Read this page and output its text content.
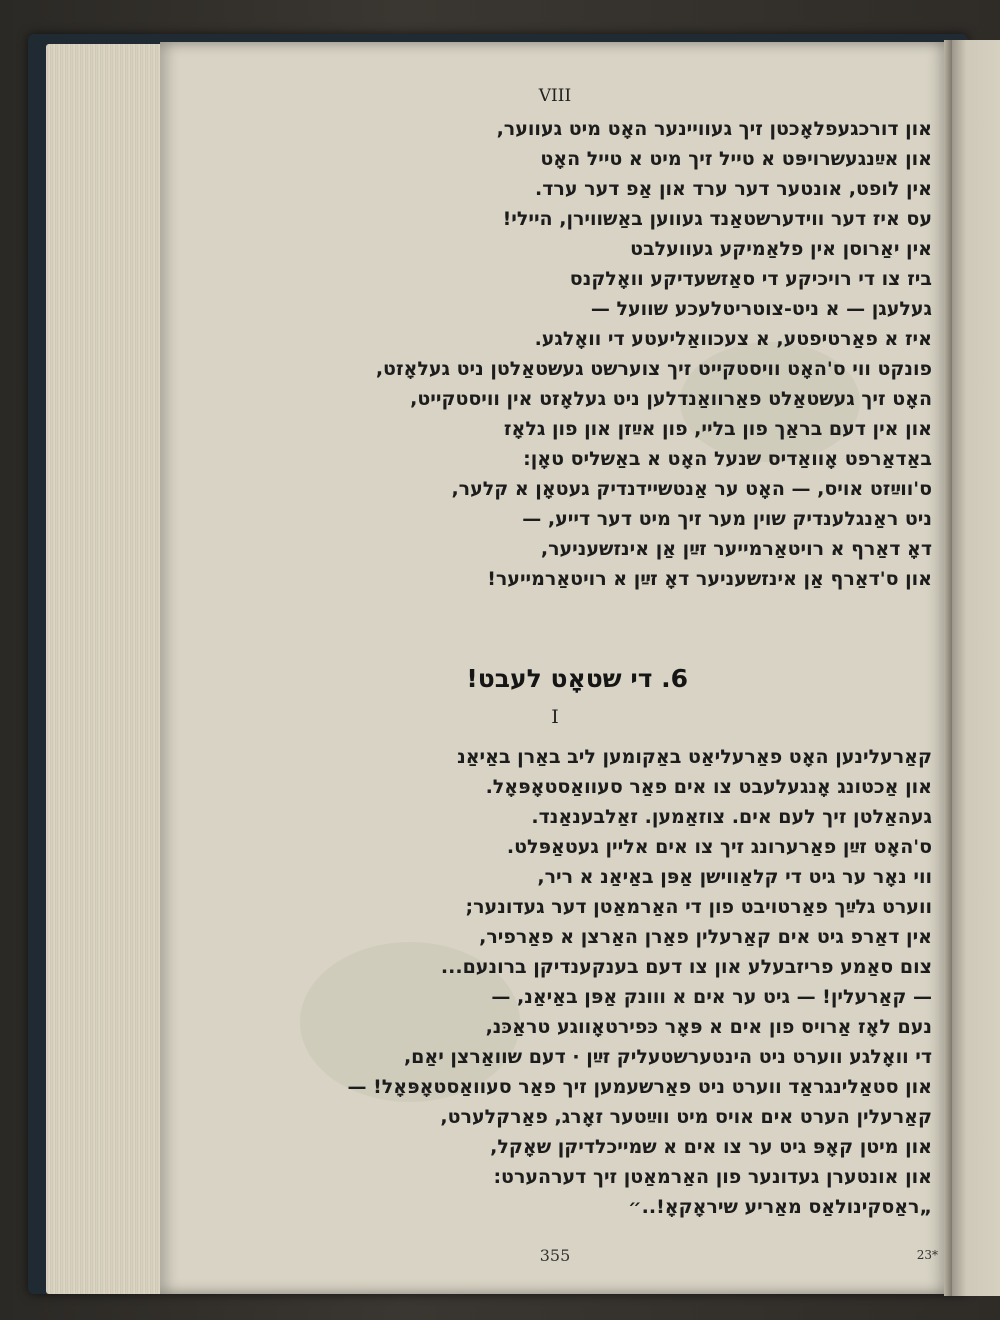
VIII
און דורכגעפלאָכטן זיך געוויינער האָט מיט געווער,
און אײַנגעשרויפּט א טייל זיך מיט א טייל האָט
אין לופט, אונטער דער ערד און אַפ דער ערד.
עס איז דער ווידערשטאַנד געווען באַשווירן, היילי!
אין יאַרוסן אין פלאַמיקע געוועלבט
ביז צו די רויכיקע די סאַזשעדיקע וואָלקנס
געלעגן — א ניט-צוטריטלעכע שוועל —
איז א פאַרטיפטע, א צעכוואַליעטע די וואָלגע.
פונקט ווי ס'האָט וויסטקייט זיך צוערשט געשטאַלטן ניט געלאָזט,
האָט זיך געשטאַלט פאַרוואַנדלען ניט געלאָזט אין וויסטקייט,
און אין דעם בראַך פון בליי, פון אײַזן און פון גלאָז
באַדאַרפט אָוואַדיס שנעל האָט א באַשליס טאָן:
ס'ווײַזט אויס, — האָט ער אַנטשיידנדיק געטאָן א קלער,
ניט ראַנגלענדיק שוין מער זיך מיט דער דייע, —
דאָ דאַרף א רויטאַרמייער זײַן אַן אינזשעניער,
און ס'דאַרף אַן אינזשעניער דאָ זײַן א רויטאַרמייער!
6. די שטאָט לעבט!
I
קאַרעלינען האָט פאַרעליאַט באַקומען ליב באַרן באַיאַנ
און אַכטונג אָנגעלעבט צו אים פאַר סעוואַסטאָפּאָל.
געהאַלטן זיך לעם אים. צוזאַמען. זאַלבענאַנד.
ס'האָט זײַן פאַרערונג זיך צו אים אליין געטאַפּלט.
ווי נאָר ער גיט די קלאַווישן אַפּן באַיאַנ א ריר,
ווערט גלײַך פאַרטויבט פון די האַרמאַטן דער געדונער;
אין דאַרפ גיט אים קאַרעלין פאַרן האַרצן א פאַרפיר,
צום סאַמע פריזבעלע און צו דעם בענקענדיקן ברונעם...
— קאַרעלין! — גיט ער אים א ווונק אַפּן באַיאַנ, —
נעם לאָז אַרויס פון אים א פּאָר כּפירטאָווגע טראַכּנ,
די וואָלגע ווערט ניט הינטערשטעליק זײַן · דעם שוואַרצן יאַם,
און סטאַלינגראַד ווערט ניט פאַרשעמען זיך פאַר סעוואַסטאָפּאָל! —
קאַרעלין הערט אים אויס מיט ווײַטער זאָרג, פאַרקלערט,
און מיטן קאָפּ גיט ער צו אים א שמייכלדיקן שאָקל,
און אונטערן געדונער פון האַרמאַטן זיך דערהערט:
„ראַסקינולאַס מאַריע שיראָקאָ!..״
355	23*
